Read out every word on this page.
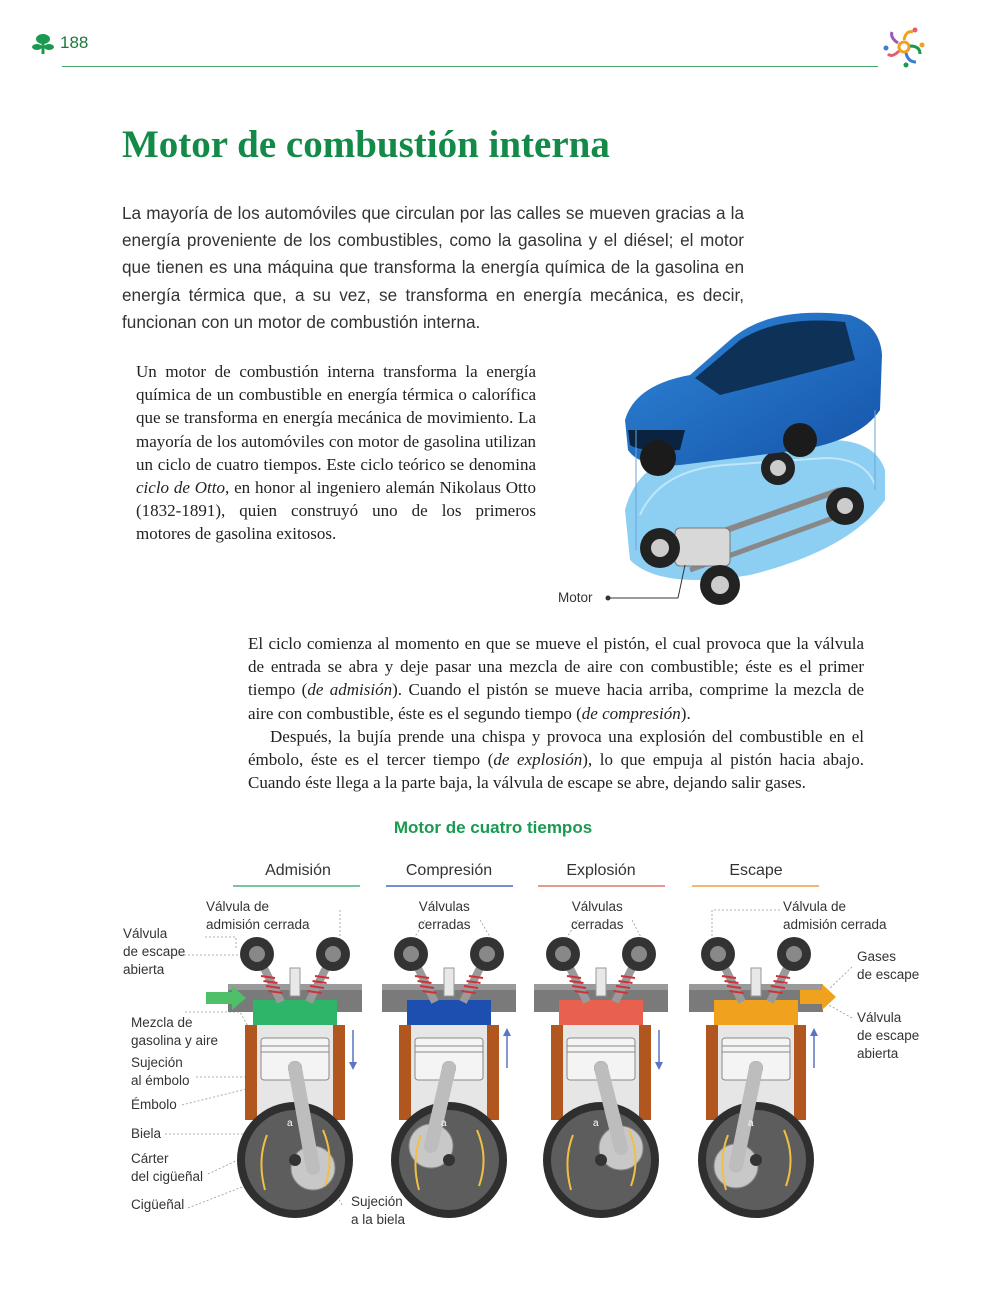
188
Motor de combustión interna

La mayoría de los automóviles que circulan por las calles se mueven gracias a la energía proveniente de los combustibles, como la gasolina y el diésel; el motor que tienen es una máquina que transforma la energía química de la gasolina en energía térmica que, a su vez, se transforma en energía mecánica, es decir, funcionan con un motor de combustión interna.

Un motor de combustión interna transforma la energía química de un combustible en energía térmica o calorífica que se transforma en energía mecánica de movimiento. La mayoría de los automóviles con motor de gasolina utilizan un ciclo de cuatro tiempos. Este ciclo teórico se denomina ciclo de Otto, en honor al ingeniero alemán Nikolaus Otto (1832-1891), quien construyó uno de los primeros motores de gasolina exitosos.

Motor

El ciclo comienza al momento en que se mueve el pistón, el cual provoca que la válvula de entrada se abra y deje pasar una mezcla de aire con combustible; éste es el primer tiempo (de admisión). Cuando el pistón se mueve hacia arriba, comprime la mezcla de aire con combustible, éste es el segundo tiempo (de compresión).
Después, la bujía prende una chispa y provoca una explosión del combustible en el émbolo, éste es el tercer tiempo (de explosión), lo que empuja al pistón hacia abajo. Cuando éste llega a la parte baja, la válvula de escape se abre, dejando salir gases.

Motor de cuatro tiempos
Admisión	Compresión	Explosión	Escape
a	a	a	a
Válvula de
admisión cerrada
Válvula
de escape
abierta
Válvulas
cerradas
Válvulas
cerradas
Válvula de
admisión cerrada
Gases
de escape
Válvula
de escape
abierta
Mezcla de
gasolina y aire
Sujeción
al émbolo
Émbolo
Biela
Cárter
del cigüeñal
Cigüeñal	Sujeción
a la biela
